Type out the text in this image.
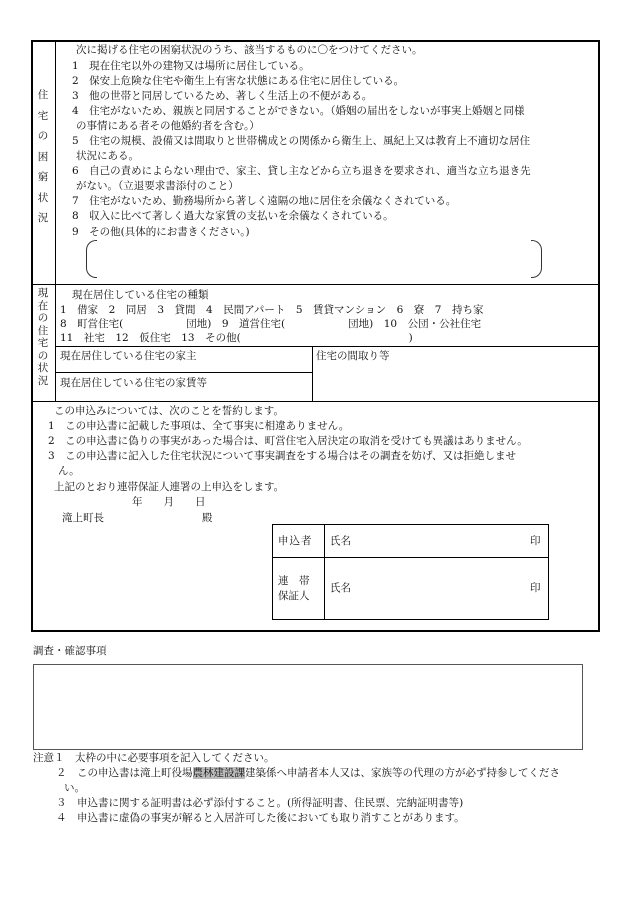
住
宅
の
困
窮
状
況
次に掲げる住宅の困窮状況のうち、該当するものに〇をつけてください。
1　現在住宅以外の建物又は場所に居住している。
2　保安上危険な住宅や衛生上有害な状態にある住宅に居住している。
3　他の世帯と同居しているため、著しく生活上の不便がある。
4　住宅がないため、親族と同居することができない。（婚姻の届出をしないが事実上婚姻と同様
の事情にある者その他婚約者を含む。）
5　住宅の規模、設備又は間取りと世帯構成との関係から衛生上、風紀上又は教育上不適切な居住
状況にある。
6　自己の責めによらない理由で、家主、貸し主などから立ち退きを要求され、適当な立ち退き先
がない。（立退要求書添付のこと）
7　住宅がないため、勤務場所から著しく遠隔の地に居住を余儀なくされている。
8　収入に比べて著しく過大な家賃の支払いを余儀なくされている。
9　その他(具体的にお書きください。)
現
在
の
住
宅
の
状
況
現在居住している住宅の種類
1　借家　2　同居　3　貸間　4　民間アパート　5　賃貸マンション　6　寮　7　持ち家
8　町営住宅(　　　　　　団地)　9　道営住宅(　　　　　　団地)　10　公団・公社住宅
11　社宅　12　仮住宅　13　その他(　　　　　　　　　　　　　　　　)
現在居住している住宅の家主
現在居住している住宅の家賃等
住宅の間取り等
この申込みについては、次のことを誓約します。
1　この申込書に記載した事項は、全て事実に相違ありません。
2　この申込書に偽りの事実があった場合は、町営住宅入居決定の取消を受けても異議はありません。
3　この申込書に記入した住宅状況について事実調査をする場合はその調査を妨げ、又は拒絶しませ
ん。
上記のとおり連帯保証人連署の上申込をします。
年　　月　　日
滝上町長	殿
申込者 氏名	印
連　帯
保証人
氏名	印
調査・確認事項
注意１　太枠の中に必要事項を記入してください。
２　この申込書は滝上町役場農林建設課建築係へ申請者本人又は、家族等の代理の方が必ず持参してくださ
い。
３　申込書に関する証明書は必ず添付すること。(所得証明書、住民票、完納証明書等)
４　申込書に虚偽の事実が解ると入居許可した後においても取り消すことがあります。
